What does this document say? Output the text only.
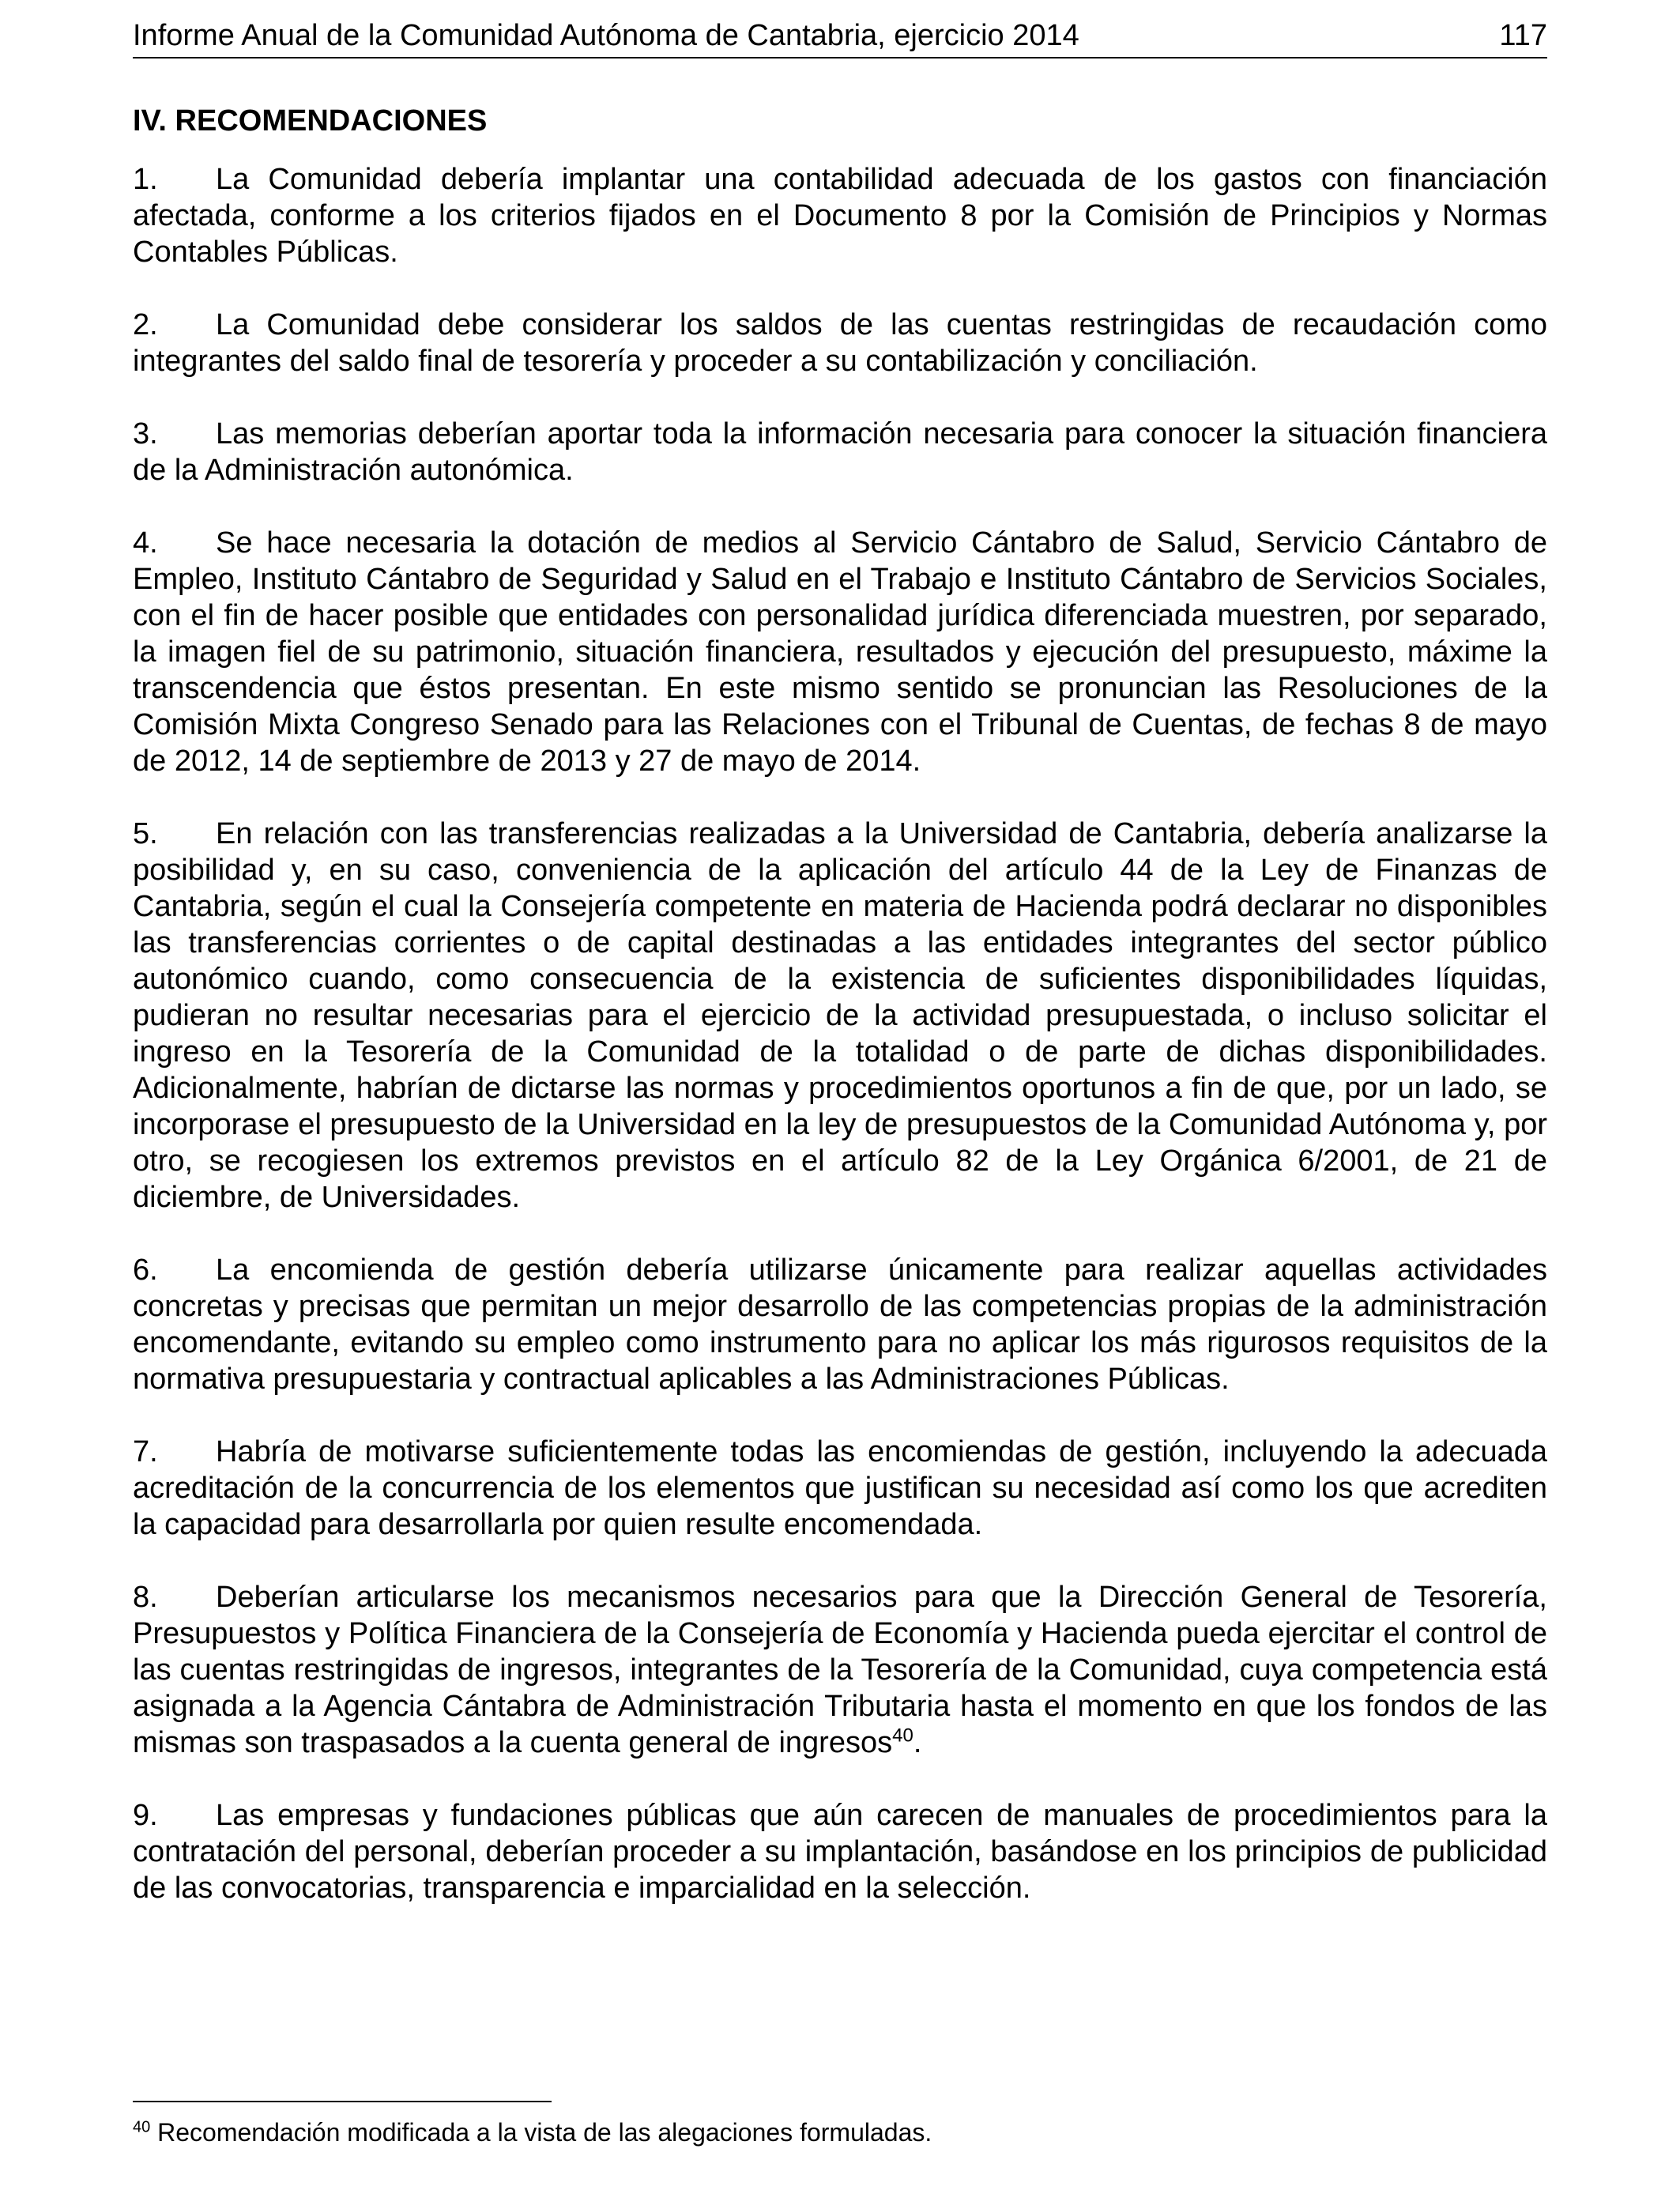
Informe Anual de la Comunidad Autónoma de Cantabria, ejercicio 2014	117
IV. RECOMENDACIONES

1. La Comunidad debería implantar una contabilidad adecuada de los gastos con financiación afectada, conforme a los criterios fijados en el Documento 8 por la Comisión de Principios y Normas Contables Públicas.

2. La Comunidad debe considerar los saldos de las cuentas restringidas de recaudación como integrantes del saldo final de tesorería y proceder a su contabilización y conciliación.

3. Las memorias deberían aportar toda la información necesaria para conocer la situación financiera de la Administración autonómica.

4. Se hace necesaria la dotación de medios al Servicio Cántabro de Salud, Servicio Cántabro de Empleo, Instituto Cántabro de Seguridad y Salud en el Trabajo e Instituto Cántabro de Servicios Sociales, con el fin de hacer posible que entidades con personalidad jurídica diferenciada muestren, por separado, la imagen fiel de su patrimonio, situación financiera, resultados y ejecución del presupuesto, máxime la transcendencia que éstos presentan. En este mismo sentido se pronuncian las Resoluciones de la Comisión Mixta Congreso Senado para las Relaciones con el Tribunal de Cuentas, de fechas 8 de mayo de 2012, 14 de septiembre de 2013 y 27 de mayo de 2014.

5. En relación con las transferencias realizadas a la Universidad de Cantabria, debería analizarse la posibilidad y, en su caso, conveniencia de la aplicación del artículo 44 de la Ley de Finanzas de Cantabria, según el cual la Consejería competente en materia de Hacienda podrá declarar no disponibles las transferencias corrientes o de capital destinadas a las entidades integrantes del sector público autonómico cuando, como consecuencia de la existencia de suficientes disponibilidades líquidas, pudieran no resultar necesarias para el ejercicio de la actividad presupuestada, o incluso solicitar el ingreso en la Tesorería de la Comunidad de la totalidad o de parte de dichas disponibilidades. Adicionalmente, habrían de dictarse las normas y procedimientos oportunos a fin de que, por un lado, se incorporase el presupuesto de la Universidad en la ley de presupuestos de la Comunidad Autónoma y, por otro, se recogiesen los extremos previstos en el artículo 82 de la Ley Orgánica 6/2001, de 21 de diciembre, de Universidades.

6. La encomienda de gestión debería utilizarse únicamente para realizar aquellas actividades concretas y precisas que permitan un mejor desarrollo de las competencias propias de la administración encomendante, evitando su empleo como instrumento para no aplicar los más rigurosos requisitos de la normativa presupuestaria y contractual aplicables a las Administraciones Públicas.

7. Habría de motivarse suficientemente todas las encomiendas de gestión, incluyendo la adecuada acreditación de la concurrencia de los elementos que justifican su necesidad así como los que acrediten la capacidad para desarrollarla por quien resulte encomendada.

8. Deberían articularse los mecanismos necesarios para que la Dirección General de Tesorería, Presupuestos y Política Financiera de la Consejería de Economía y Hacienda pueda ejercitar el control de las cuentas restringidas de ingresos, integrantes de la Tesorería de la Comunidad, cuya competencia está asignada a la Agencia Cántabra de Administración Tributaria hasta el momento en que los fondos de las mismas son traspasados a la cuenta general de ingresos$^{40}$.

9. Las empresas y fundaciones públicas que aún carecen de manuales de procedimientos para la contratación del personal, deberían proceder a su implantación, basándose en los principios de publicidad de las convocatorias, transparencia e imparcialidad en la selección.

$^{40}$ Recomendación modificada a la vista de las alegaciones formuladas.
